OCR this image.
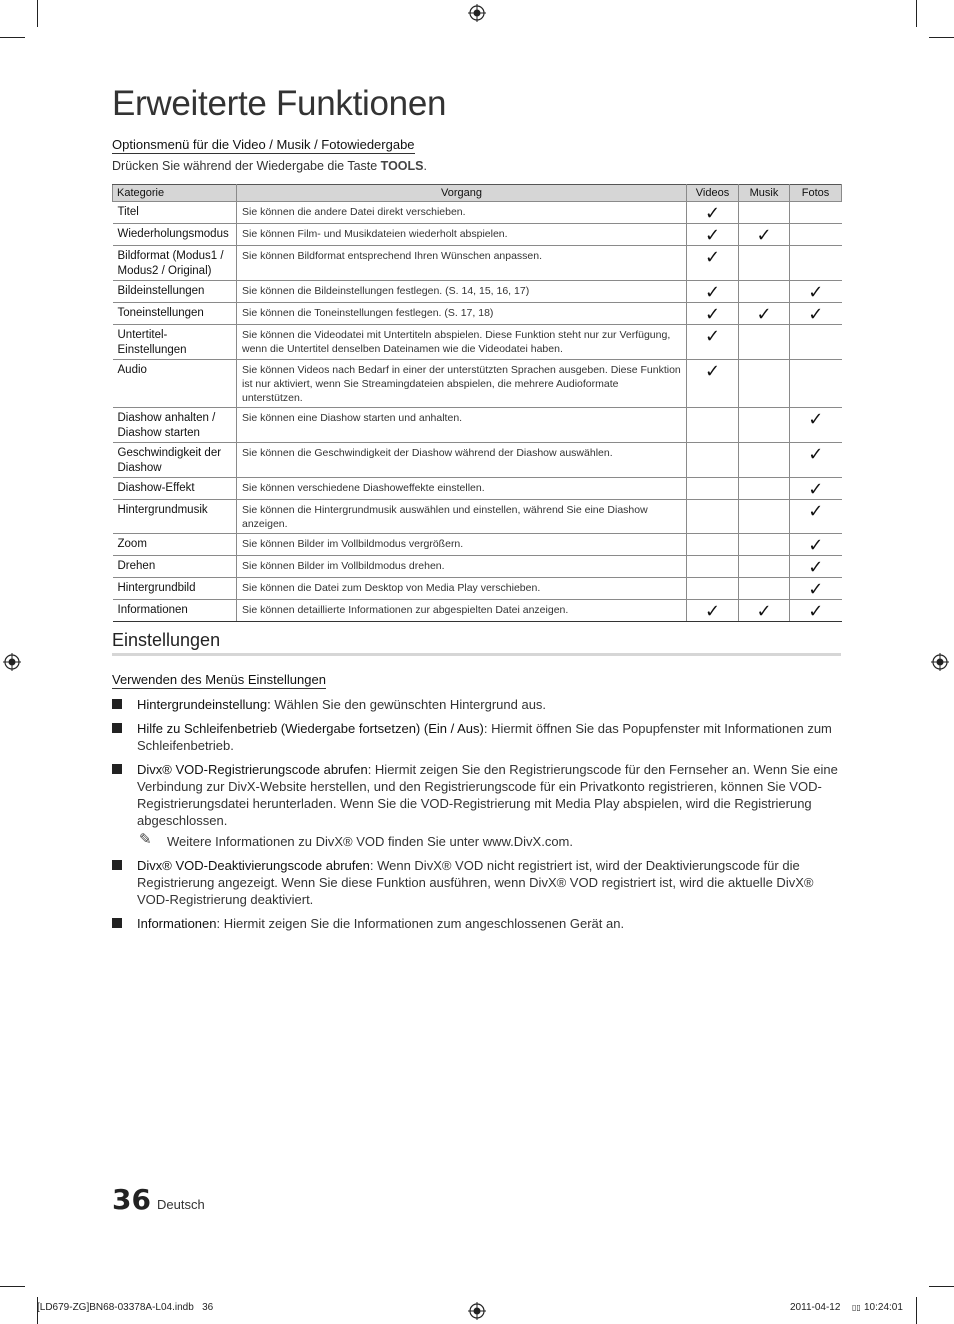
Erweiterte Funktionen
Optionsmenü für die Video / Musik / Fotowiedergabe

Drücken Sie während der Wiedergabe die Taste TOOLS.

Kategorie	Vorgang	Videos	Musik	Fotos
Titel	Sie können die andere Datei direkt verschieben.	✓		
Wiederholungsmodus	Sie können Film- und Musikdateien wiederholt abspielen.	✓	✓	
Bildformat (Modus1 / Modus2 / Original)	Sie können Bildformat entsprechend Ihren Wünschen anpassen.	✓		
Bildeinstellungen	Sie können die Bildeinstellungen festlegen. (S. 14, 15, 16, 17)	✓		✓
Toneinstellungen	Sie können die Toneinstellungen festlegen. (S. 17, 18)	✓	✓	✓
Untertitel-Einstellungen	Sie können die Videodatei mit Untertiteln abspielen. Diese Funktion steht nur zur Verfügung, wenn die Untertitel denselben Dateinamen wie die Videodatei haben.	✓		
Audio	Sie können Videos nach Bedarf in einer der unterstützten Sprachen ausgeben. Diese Funktion ist nur aktiviert, wenn Sie Streamingdateien abspielen, die mehrere Audioformate unterstützen.	✓		
Diashow anhalten / Diashow starten	Sie können eine Diashow starten und anhalten.			✓
Geschwindigkeit der Diashow	Sie können die Geschwindigkeit der Diashow während der Diashow auswählen.			✓
Diashow-Effekt	Sie können verschiedene Diashoweffekte einstellen.			✓
Hintergrundmusik	Sie können die Hintergrundmusik auswählen und einstellen, während Sie eine Diashow anzeigen.			✓
Zoom	Sie können Bilder im Vollbildmodus vergrößern.			✓
Drehen	Sie können Bilder im Vollbildmodus drehen.			✓
Hintergrundbild	Sie können die Datei zum Desktop von Media Play verschieben.			✓
Informationen	Sie können detaillierte Informationen zur abgespielten Datei anzeigen.	✓	✓	✓
Einstellungen
Verwenden des Menüs Einstellungen
Hintergrundeinstellung: Wählen Sie den gewünschten Hintergrund aus.
Hilfe zu Schleifenbetrieb (Wiedergabe fortsetzen) (Ein / Aus): Hiermit öffnen Sie das Popupfenster mit Informationen zum Schleifenbetrieb.
Divx® VOD-Registrierungscode abrufen: Hiermit zeigen Sie den Registrierungscode für den Fernseher an. Wenn Sie eine Verbindung zur DivX-Website herstellen, und den Registrierungscode für ein Privatkonto registrieren, können Sie VOD-Registrierungsdatei herunterladen. Wenn Sie die VOD-Registrierung mit Media Play abspielen, wird die Registrierung abgeschlossen.
✎ Weitere Informationen zu DivX® VOD finden Sie unter www.DivX.com.
Divx® VOD-Deaktivierungscode abrufen: Wenn DivX® VOD nicht registriert ist, wird der Deaktivierungscode für die Registrierung angezeigt. Wenn Sie diese Funktion ausführen, wenn DivX® VOD registriert ist, wird die aktuelle DivX® VOD-Registrierung deaktiviert.
Informationen: Hiermit zeigen Sie die Informationen zum angeschlossenen Gerät an.
36 Deutsch
[LD679-ZG]BN68-03378A-L04.indb   36	2011-04-12 ▯▯ 10:24:01
